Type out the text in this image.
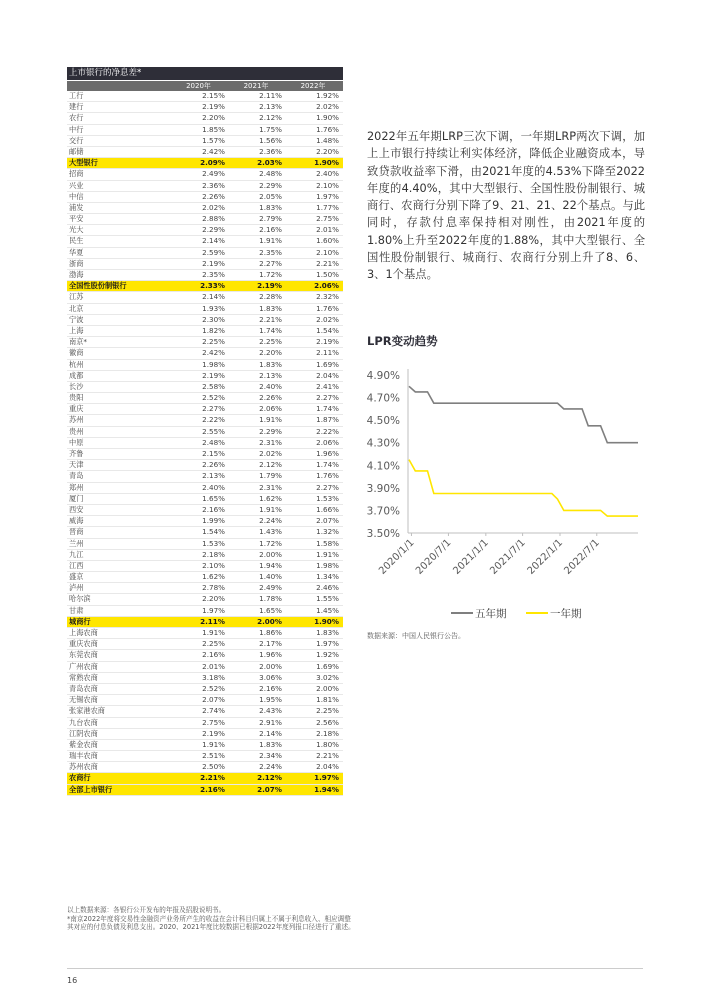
上市银行的净息差*
2020年	2021年	2022年
工行	2.15%	2.11%	1.92%
建行	2.19%	2.13%	2.02%
农行	2.20%	2.12%	1.90%
中行	1.85%	1.75%	1.76%
交行	1.57%	1.56%	1.48%
邮储	2.42%	2.36%	2.20%
大型银行	2.09%	2.03%	1.90%
招商	2.49%	2.48%	2.40%
兴业	2.36%	2.29%	2.10%
中信	2.26%	2.05%	1.97%
浦发	2.02%	1.83%	1.77%
平安	2.88%	2.79%	2.75%
光大	2.29%	2.16%	2.01%
民生	2.14%	1.91%	1.60%
华夏	2.59%	2.35%	2.10%
浙商	2.19%	2.27%	2.21%
渤海	2.35%	1.72%	1.50%
全国性股份制银行	2.33%	2.19%	2.06%
江苏	2.14%	2.28%	2.32%
北京	1.93%	1.83%	1.76%
宁波	2.30%	2.21%	2.02%
上海	1.82%	1.74%	1.54%
南京*	2.25%	2.25%	2.19%
徽商	2.42%	2.20%	2.11%
杭州	1.98%	1.83%	1.69%
成都	2.19%	2.13%	2.04%
长沙	2.58%	2.40%	2.41%
贵阳	2.52%	2.26%	2.27%
重庆	2.27%	2.06%	1.74%
苏州	2.22%	1.91%	1.87%
贵州	2.55%	2.29%	2.22%
中原	2.48%	2.31%	2.06%
齐鲁	2.15%	2.02%	1.96%
天津	2.26%	2.12%	1.74%
青岛	2.13%	1.79%	1.76%
郑州	2.40%	2.31%	2.27%
厦门	1.65%	1.62%	1.53%
西安	2.16%	1.91%	1.66%
威海	1.99%	2.24%	2.07%
晋商	1.54%	1.43%	1.32%
兰州	1.53%	1.72%	1.58%
九江	2.18%	2.00%	1.91%
江西	2.10%	1.94%	1.98%
盛京	1.62%	1.40%	1.34%
泸州	2.78%	2.49%	2.46%
哈尔滨	2.20%	1.78%	1.55%
甘肃	1.97%	1.65%	1.45%
城商行	2.11%	2.00%	1.90%
上海农商	1.91%	1.86%	1.83%
重庆农商	2.25%	2.17%	1.97%
东莞农商	2.16%	1.96%	1.92%
广州农商	2.01%	2.00%	1.69%
常熟农商	3.18%	3.06%	3.02%
青岛农商	2.52%	2.16%	2.00%
无锡农商	2.07%	1.95%	1.81%
张家港农商	2.74%	2.43%	2.25%
九台农商	2.75%	2.91%	2.56%
江阴农商	2.19%	2.14%	2.18%
紫金农商	1.91%	1.83%	1.80%
瑞丰农商	2.51%	2.34%	2.21%
苏州农商	2.50%	2.24%	2.04%
农商行	2.21%	2.12%	1.97%
全部上市银行	2.16%	2.07%	1.94%
以上数据来源：各银行公开发布的年报及招股说明书。
*南京2022年度将交易性金融资产业务所产生的收益在会计科目归属上不属于利息收入、相应调整其对应的付息负债及利息支出。2020、2021年度比较数据已根据2022年度列报口径进行了重述。
2022年五年期LRP三次下调，一年期LRP两次下调，加上上市银行持续让利实体经济，降低企业融资成本，导致贷款收益率下滑，由2021年度的4.53%下降至2022年度的4.40%，其中大型银行、全国性股份制银行、城商行、农商行分别下降了9、21、21、22个基点。与此同时，存款付息率保持相对刚性，由2021年度的1.80%上升至2022年度的1.88%，其中大型银行、全国性股份制银行、城商行、农商行分别上升了8、6、3、1个基点。
LPR变动趋势
3.50%
3.70%
3.90%
4.10%
4.30%
4.50%
4.70%
4.90%
2020/1/1
2020/7/1
2021/1/1
2021/7/1
2022/1/1
2022/7/1
五年期	一年期
数据来源：中国人民银行公告。
16
